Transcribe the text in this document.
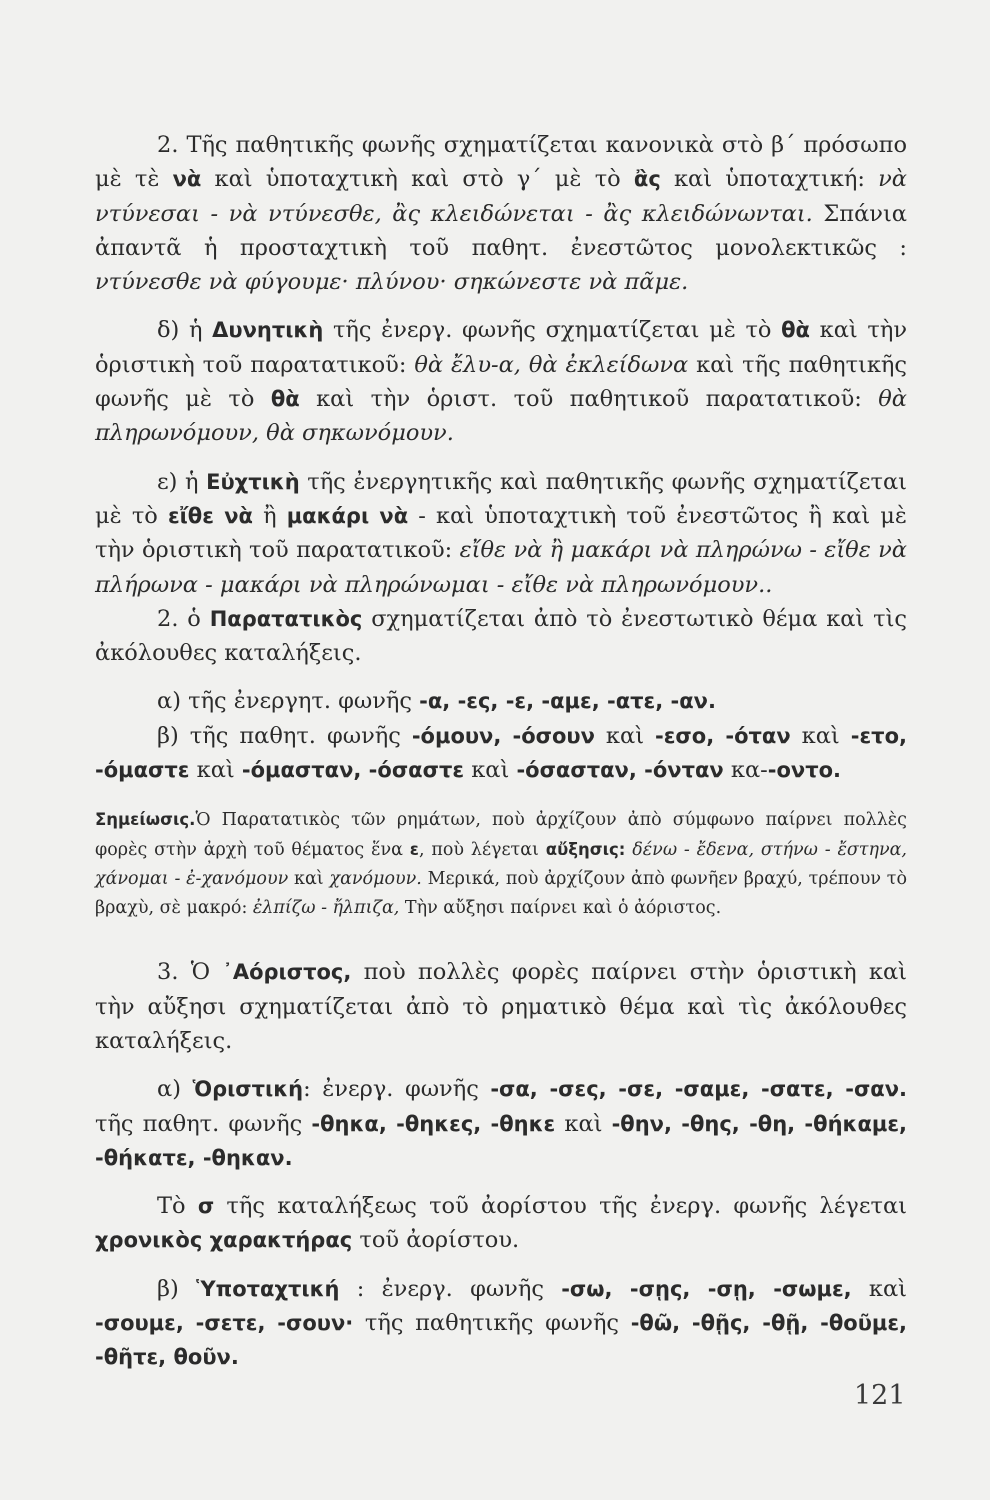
2. Τῆς παθητικῆς φωνῆς σχηματίζεται κανονικὰ στὸ β΄ πρόσωπο μὲ τὲ νὰ καὶ ὑποταχτικὴ καὶ στὸ γ΄ μὲ τὸ ἂς καὶ ὑποταχτική: νὰ ντύνεσαι - νὰ ντύνεσθε, ἂς κλειδώνεται - ἂς κλειδώνωνται. Σπάνια ἀπαντᾶ ἡ προσταχτικὴ τοῦ παθητ. ἐνεστῶτος μονολεκτικῶς : ντύνεσθε νὰ φύγουμε· πλύνου· σηκώνεστε νὰ πᾶμε.

δ) ἡ Δυνητικὴ τῆς ἐνεργ. φωνῆς σχηματίζεται μὲ τὸ θὰ καὶ τὴν ὁριστικὴ τοῦ παρατατικοῦ: θὰ ἔλυ-α, θὰ ἐκλείδωνα καὶ τῆς παθητικῆς φωνῆς μὲ τὸ θὰ καὶ τὴν ὁριστ. τοῦ παθητικοῦ παρατατικοῦ: θὰ πληρωνόμουν, θὰ σηκωνόμουν.

ε) ἡ Εὐχτικὴ τῆς ἐνεργητικῆς καὶ παθητικῆς φωνῆς σχηματίζεται μὲ τὸ εἴθε νὰ ἢ μακάρι νὰ - καὶ ὑποταχτικὴ τοῦ ἐνεστῶτος ἢ καὶ μὲ τὴν ὁριστικὴ τοῦ παρατατικοῦ: εἴθε νὰ ἢ μακάρι νὰ πληρώνω - εἴθε νὰ πλήρωνα - μακάρι νὰ πληρώνωμαι - εἴθε νὰ πληρωνόμουν..

2. ὁ Παρατατικὸς σχηματίζεται ἀπὸ τὸ ἐνεστωτικὸ θέμα καὶ τὶς ἀκόλουθες καταλήξεις.

α) τῆς ἐνεργητ. φωνῆς -α, -ες, -ε, -αμε, -ατε, -αν.

β) τῆς παθητ. φωνῆς -όμουν, -όσουν καὶ -εσο, -όταν καὶ -ετο, -όμαστε καὶ -όμασταν, -όσαστε καὶ -όσασταν, -όνταν κα--οντο.

Σημείωσις.Ὁ Παρατατικὸς τῶν ρημάτων, ποὺ ἀρχίζουν ἀπὸ σύμφωνο παίρνει πολλὲς φορὲς στὴν ἀρχὴ τοῦ θέματος ἕνα ε, ποὺ λέγεται αὔξησις: δένω - ἔδενα, στήνω - ἔστηνα, χάνομαι - ἐ-χανόμουν καὶ χανόμουν. Μερικά, ποὺ ἀρχίζουν ἀπὸ φωνῆεν βραχύ, τρέπουν τὸ βραχὺ, σὲ μακρό: ἐλπίζω - ἤλπιζα, Τὴν αὔξησι παίρνει καὶ ὁ ἀόριστος.

3. Ὁ ᾿Αόριστος, ποὺ πολλὲς φορὲς παίρνει στὴν ὁριστικὴ καὶ τὴν αὔξησι σχηματίζεται ἀπὸ τὸ ρηματικὸ θέμα καὶ τὶς ἀκόλουθες καταλήξεις.

α) Ὁριστική: ἐνεργ. φωνῆς -σα, -σες, -σε, -σαμε, -σατε, -σαν. τῆς παθητ. φωνῆς -θηκα, -θηκες, -θηκε καὶ -θην, -θης, -θη, -θήκαμε, -θήκατε, -θηκαν.

Τὸ σ τῆς καταλήξεως τοῦ ἀορίστου τῆς ἐνεργ. φωνῆς λέγεται χρονικὸς χαρακτήρας τοῦ ἀορίστου.

β) Ὑποταχτική : ἐνεργ. φωνῆς -σω, -σῃς, -σῃ, -σωμε, καὶ -σουμε, -σετε, -σουν· τῆς παθητικῆς φωνῆς -θῶ, -θῇς, -θῇ, -θοῦμε, -θῆτε, θοῦν.

121
